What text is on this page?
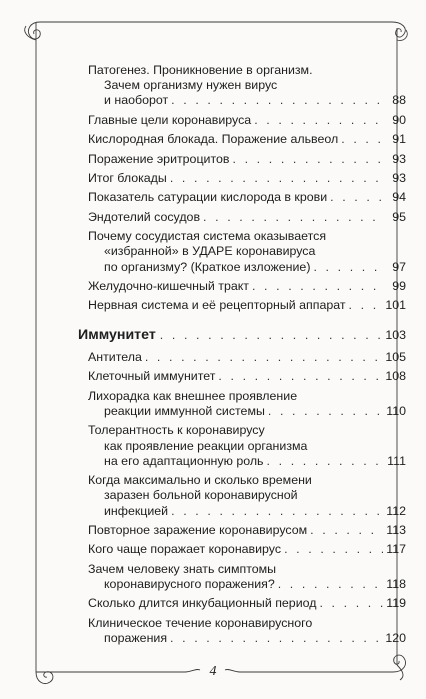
Патогенез. Проникновение в организм.
Зачем организму нужен вирус
и наоборот . . .	88
Главные цели коронавируса . . .	90
Кислородная блокада. Поражение альвеол . . .	91
Поражение эритроцитов . . .	93
Итог блокады . . .	93
Показатель сатурации кислорода в крови . . .	94
Эндотелий сосудов . . .	95
Почему сосудистая система оказывается
«избранной» в УДАРЕ коронавируса
по организму? (Краткое изложение) . . .	97
Желудочно-кишечный тракт . . .	99
Нервная система и её рецепторный аппарат . . .	101
Иммунитет . . .	103
Антитела . . .	105
Клеточный иммунитет . . .	108
Лихорадка как внешнее проявление
реакции иммунной системы . . .	110
Толерантность к коронавирусу
как проявление реакции организма
на его адаптационную роль . . .	111
Когда максимально и сколько времени
заразен больной коронавирусной
инфекцией . . .	112
Повторное заражение коронавирусом . . .	113
Кого чаще поражает коронавирус . . .	117
Зачем человеку знать симптомы
коронавирусного поражения? . . .	118
Сколько длится инкубационный период . . .	119
Клиническое течение коронавирусного
поражения . . .	120
4
